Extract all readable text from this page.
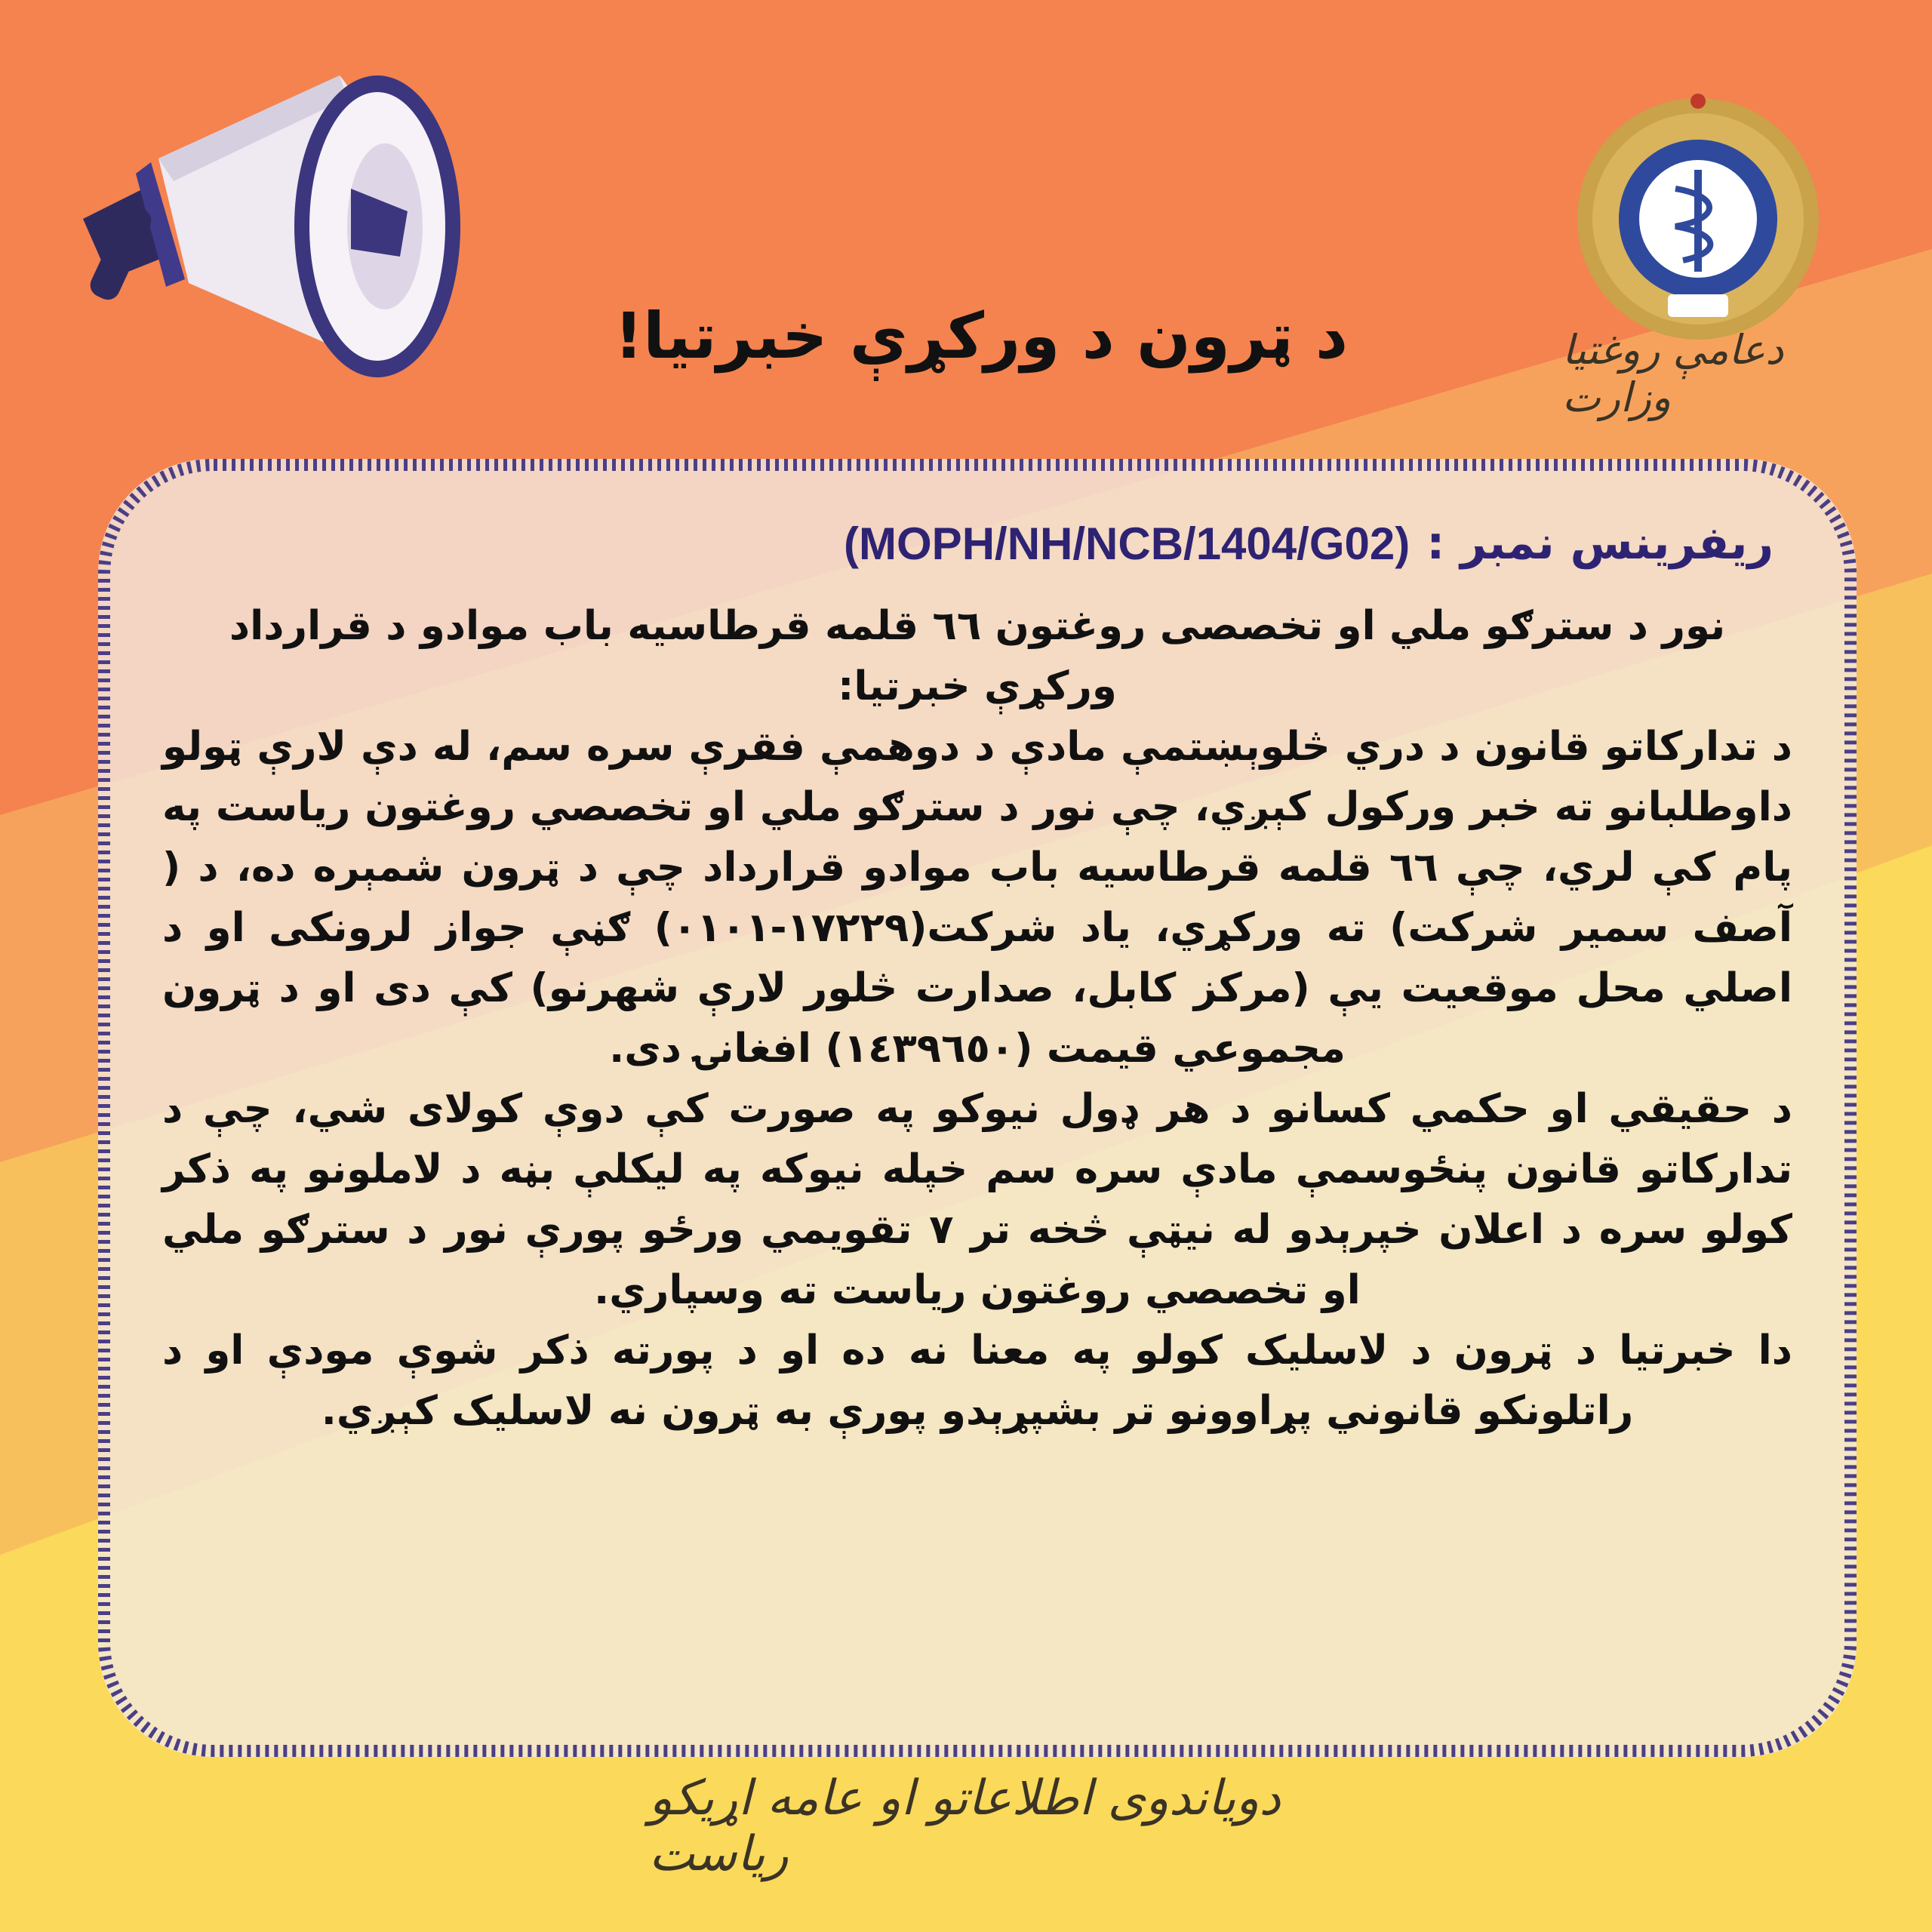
دعامې روغتیا وزارت
د ټرون د ورکړې خبرتیا!
ریفرینس نمبر :
(MOPH/NH/NCB/1404/G02)

نور د سترګو ملي او تخصصی روغتون ٦٦ قلمه قرطاسیه باب موادو د قرارداد ورکړې خبرتیا:

د تدارکاتو قانون د دري څلوېښتمې مادې د دوهمې فقرې سره سم، له دې لارې ټولو داوطلبانو ته خبر ورکول کېږي، چې نور د سترګو ملي او تخصصي روغتون ریاست په پام کې لري، چې ٦٦ قلمه قرطاسیه باب موادو قرارداد چې د ټرون شمېره ده، د ( آصف سمیر شرکت) ته ورکړي، یاد شرکت(١٧٢٢٩-٠١٠١) ګڼې جواز لرونکی او د اصلي محل موقعیت یې (مرکز کابل، صدارت څلور لارې شهرنو) کې دی او د ټرون مجموعي قیمت (١٤٣٩٦٥٠) افغانۍ دی.

د حقیقي او حکمي کسانو د هر ډول نیوکو په صورت کې دوې کولای شي، چې د تدارکاتو قانون پنځوسمې مادې سره سم خپله نیوکه په لیکلې بڼه د لاملونو په ذکر کولو سره د اعلان خپرېدو له نیټې څخه تر ٧ تقویمي ورځو پورې نور د سترګو ملي او تخصصي روغتون ریاست ته وسپاري.

دا خبرتیا د ټرون د لاسلیک کولو په معنا نه ده او د پورته ذکر شوې مودې او د راتلونکو قانوني پړاوونو تر بشپړېدو پورې به ټرون نه لاسلیک کېږي.

دویاندوی اطلاعاتو او عامه اړیکو ریاست
